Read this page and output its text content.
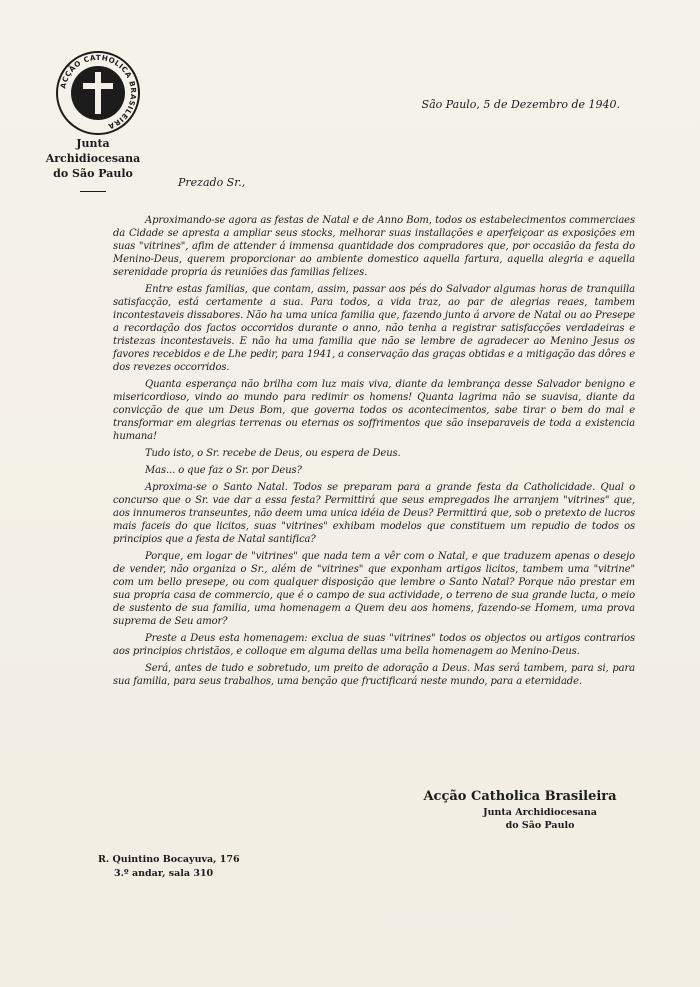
ACÇÃO CATHOLICA BRASILEIRA
Junta Archidiocesana
do São Paulo
São Paulo, 5 de Dezembro de 1940.
Prezado Sr.,

Aproximando-se agora as festas de Natal e de Anno Bom, todos os estabelecimentos commerciaes da Cidade se apresta a ampliar seus stocks, melhorar suas installações e aperfeiçoar as exposições em suas "vitrines", afim de attender á immensa quantidade dos compradores que, por occasião da festa do Menino-Deus, querem proporcionar ao ambiente domestico aquella fartura, aquella alegria e aquella serenidade propria ás reuniões das familias felizes.

Entre estas familias, que contam, assim, passar aos pés do Salvador algumas horas de tranquilla satisfacção, está certamente a sua. Para todos, a vida traz, ao par de alegrias reaes, tambem incontestaveis dissabores. Não ha uma unica familia que, fazendo junto á arvore de Natal ou ao Presepe a recordação dos factos occorridos durante o anno, não tenha a registrar satisfacções verdadeiras e tristezas incontestaveis. E não ha uma familia que não se lembre de agradecer ao Menino Jesus os favores recebidos e de Lhe pedir, para 1941, a conservação das graças obtidas e a mitigação das dôres e dos revezes occorridos.

Quanta esperança não brilha com luz mais viva, diante da lembrança desse Salvador benigno e misericordioso, vindo ao mundo para redimir os homens! Quanta lagrima não se suavisa, diante da convicção de que um Deus Bom, que governa todos os acontecimentos, sabe tirar o bem do mal e transformar em alegrias terrenas ou eternas os soffrimentos que são inseparaveis de toda a existencia humana!

Tudo isto, o Sr. recebe de Deus, ou espera de Deus.

Mas... o que faz o Sr. por Deus?

Aproxima-se o Santo Natal. Todos se preparam para a grande festa da Catholicidade. Qual o concurso que o Sr. vae dar a essa festa? Permittirá que seus empregados lhe arranjem "vitrines" que, aos innumeros transeuntes, não deem uma unica idéia de Deus? Permittirá que, sob o pretexto de lucros mais faceis do que licitos, suas "vitrines" exhibam modelos que constituem um repudio de todos os principios que a festa de Natal santifica?

Porque, em logar de "vitrines" que nada tem a vêr com o Natal, e que traduzem apenas o desejo de vender, não organiza o Sr., além de "vitrines" que exponham artigos licitos, tambem uma "vitrine" com um bello presepe, ou com qualquer disposição que lembre o Santo Natal? Porque não prestar em sua propria casa de commercio, que é o campo de sua actividade, o terreno de sua grande lucta, o meio de sustento de sua familia, uma homenagem a Quem deu aos homens, fazendo-se Homem, uma prova suprema de Seu amor?

Preste a Deus esta homenagem: exclua de suas "vitrines" todos os objectos ou artigos contrarios aos principios christãos, e colloque em alguma dellas uma bella homenagem ao Menino-Deus.

Será, antes de tudo e sobretudo, um preito de adoração a Deus. Mas será tambem, para si, para sua familia, para seus trabalhos, uma benção que fructificará neste mundo, para a eternidade.

Acção Catholica Brasileira
Junta Archidiocesana
do São Paulo
R. Quintino Bocayuva, 176
3.º andar, sala 310
